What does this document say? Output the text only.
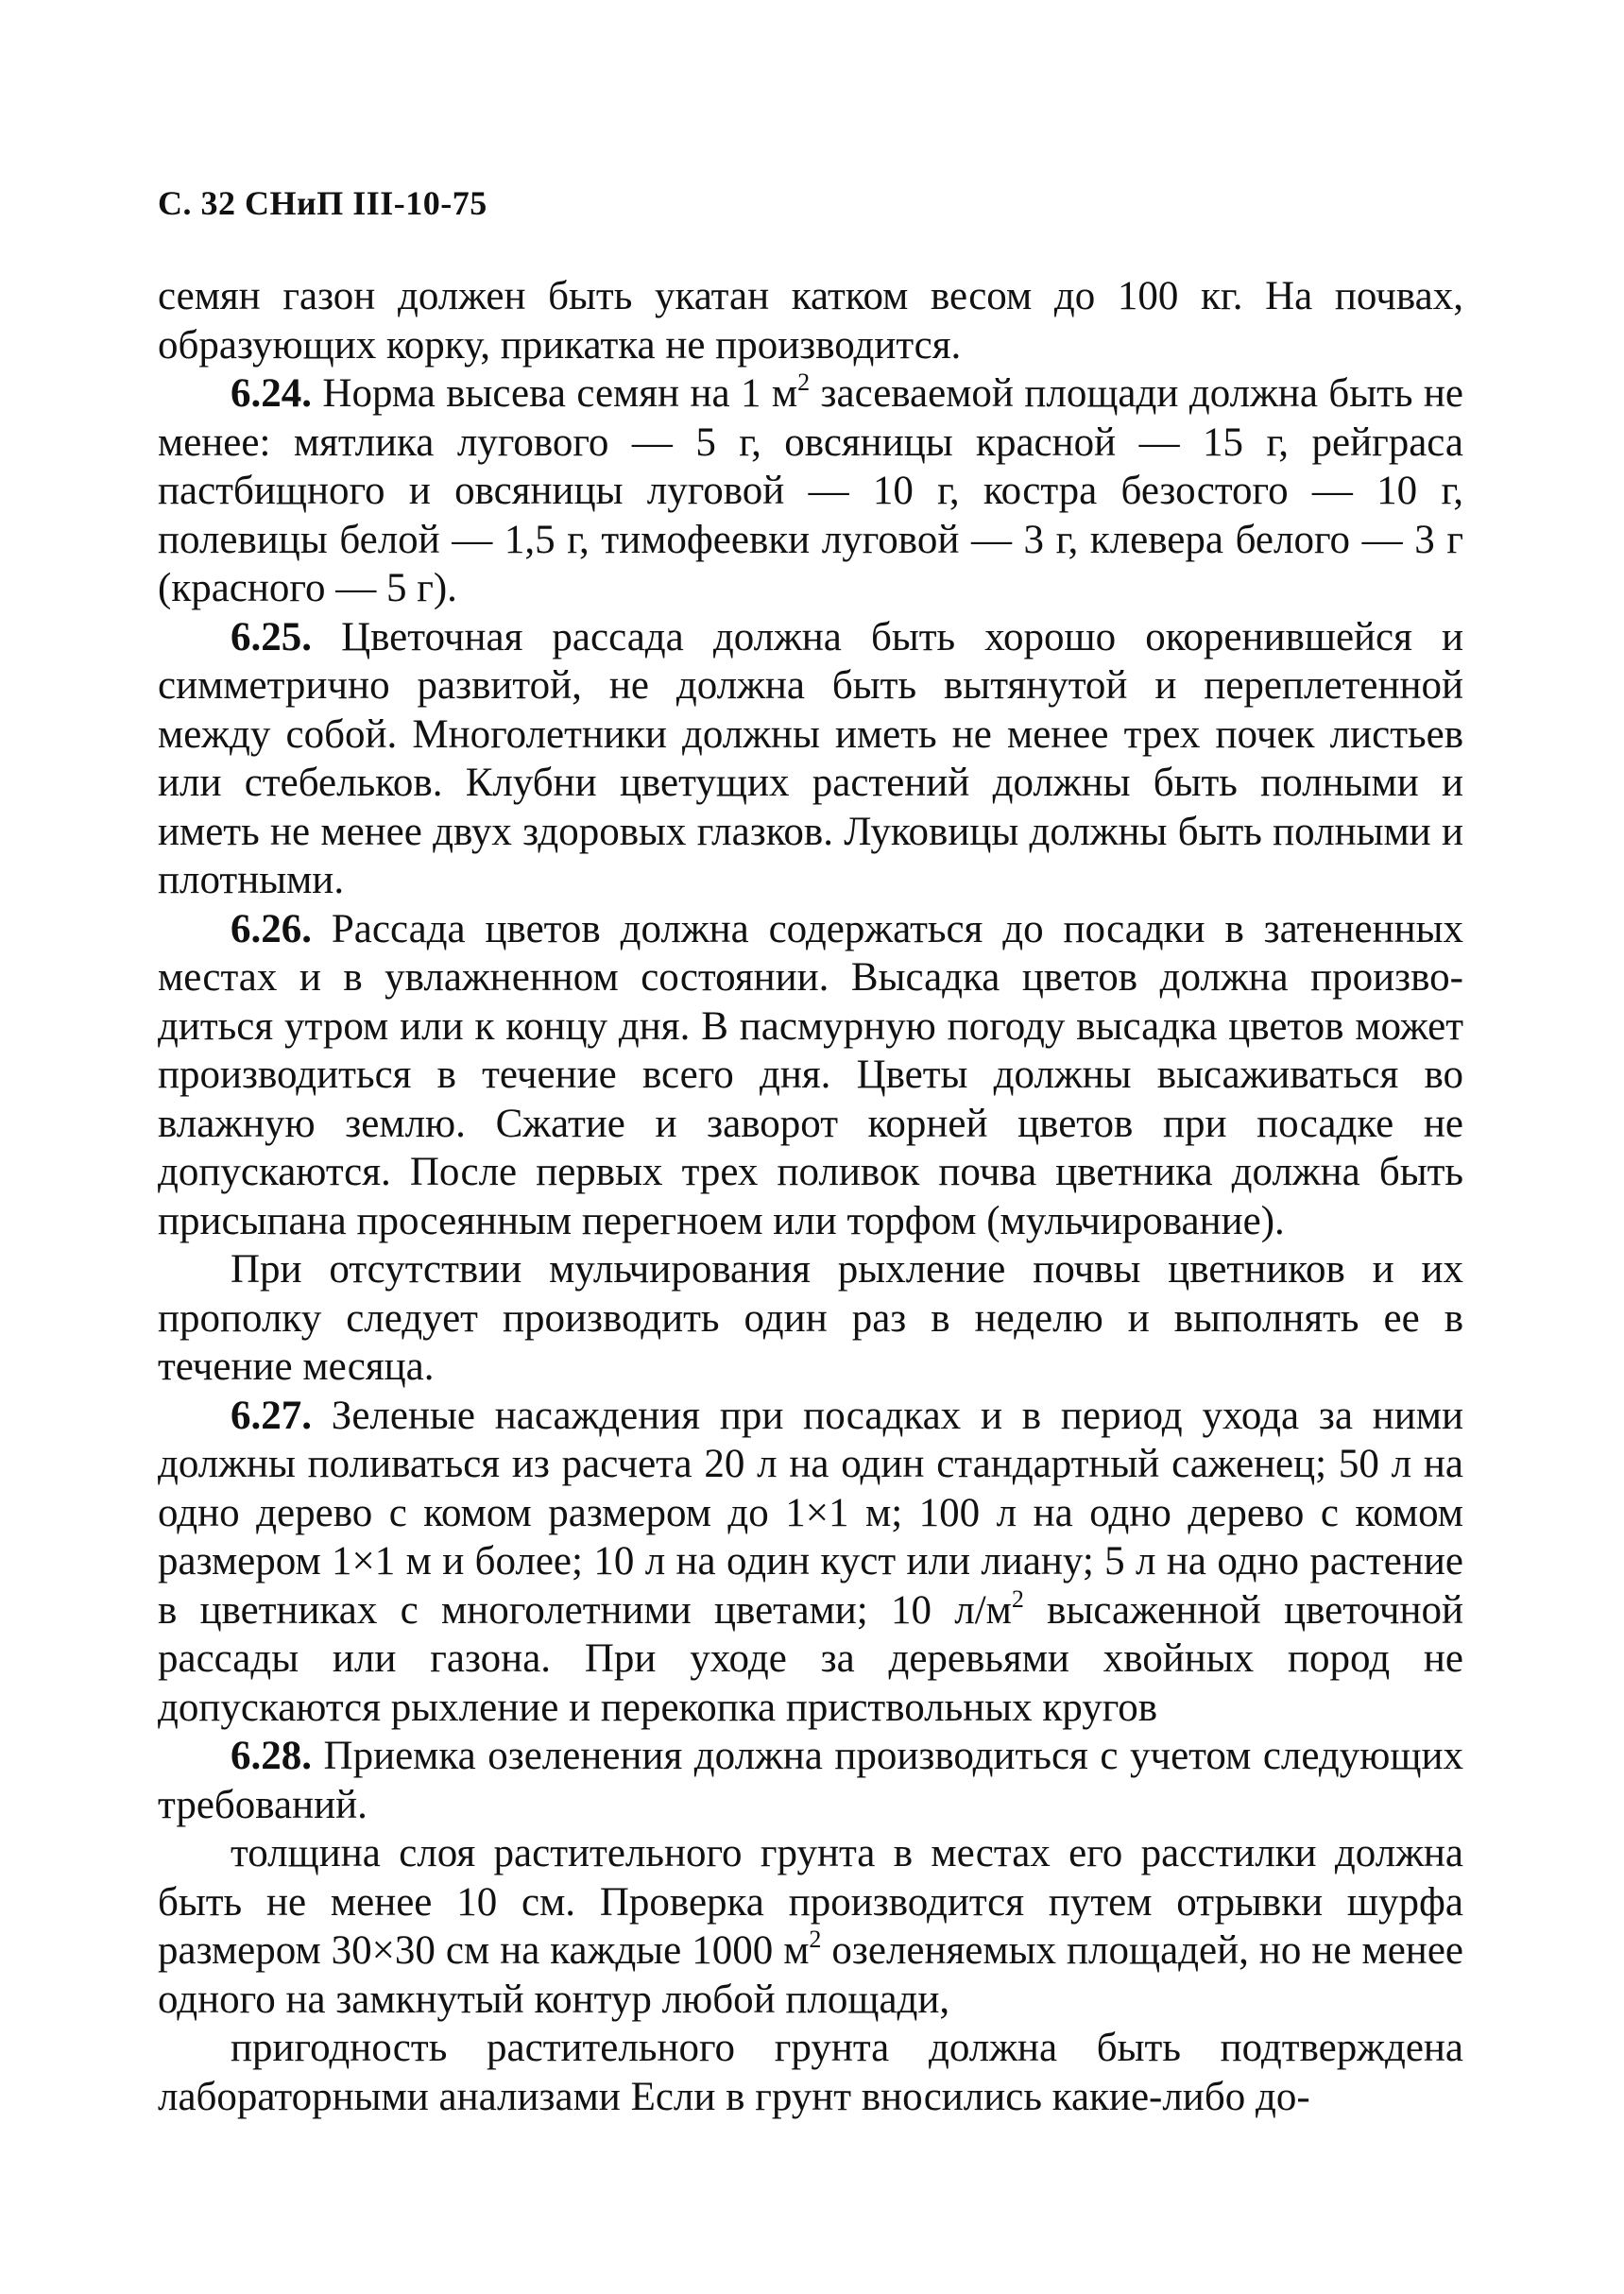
С. 32 СНиП III-10-75

семян газон должен быть укатан катком весом до 100 кг. На почвах, образующих корку, прикатка не производится.

6.24. Норма высева семян на 1 $м^2$ засеваемой площади должна быть не менее: мятлика лугового — 5 г, овсяницы красной — 15 г, рейграса пастбищного и овсяницы луговой — 10 г, костра безостого — 10 г, полевицы белой — 1,5 г, тимофеевки луговой — 3 г, клевера белого — 3 г (красного — 5 г).

6.25. Цветочная рассада должна быть хорошо окоренившейся и симметрично развитой, не должна быть вытянутой и переплетенной между собой. Многолетники должны иметь не менее трех почек листьев или стебельков. Клубни цветущих растений должны быть полными и иметь не менее двух здоровых глазков. Луковицы должны быть полными и плотными.

6.26. Рассада цветов должна содержаться до посадки в затененных местах и в увлажненном состоянии. Высадка цветов должна производиться утром или к концу дня. В пасмурную погоду высадка цветов может производиться в течение всего дня. Цветы должны высаживаться во влажную землю. Сжатие и заворот корней цветов при посадке не допускаются. После первых трех поливок почва цветника должна быть присыпана просеянным перегноем или торфом (мульчирование).

При отсутствии мульчирования рыхление почвы цветников и их прополку следует производить один раз в неделю и выполнять ее в течение месяца.

6.27. Зеленые насаждения при посадках и в период ухода за ними должны поливаться из расчета 20 л на один стандартный саженец; 50 л на одно дерево с комом размером до 1×1 м; 100 л на одно дерево с комом размером 1×1 м и более; 10 л на один куст или лиану; 5 л на одно растение в цветниках с многолетними цветами; 10 $л/м^2$ высаженной цветочной рассады или газона. При уходе за деревьями хвойных пород не допускаются рыхление и перекопка приствольных кругов

6.28. Приемка озеленения должна производиться с учетом следующих требований.

толщина слоя растительного грунта в местах его расстилки должна быть не менее 10 см. Проверка производится путем отрывки шурфа размером 30×30 см на каждые 1000 $м^2$ озеленяемых площадей, но не менее одного на замкнутый контур любой площади,

пригодность растительного грунта должна быть подтверждена лабораторными анализами Если в грунт вносились какие-либо до-
